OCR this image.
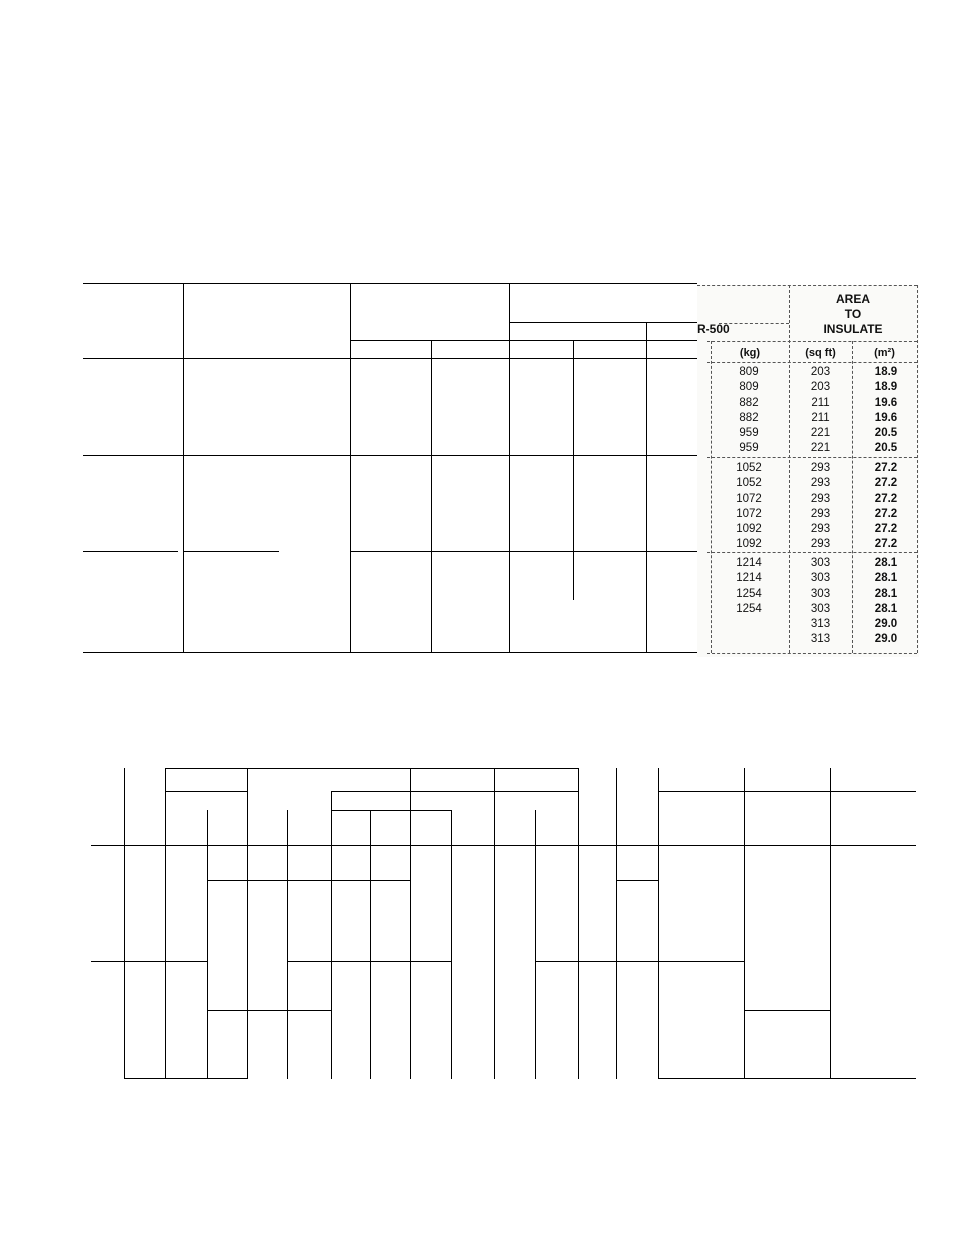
R-500
AREA
TO
INSULATE
(kg)	(sq ft)	(m²)
809
809
882
882
959
959
203
203
211
211
221
221
18.9
18.9
19.6
19.6
20.5
20.5
1052
1052
1072
1072
1092
1092
293
293
293
293
293
293
27.2
27.2
27.2
27.2
27.2
27.2
1214
1214
1254
1254
303
303
303
303
313
313
28.1
28.1
28.1
28.1
29.0
29.0
